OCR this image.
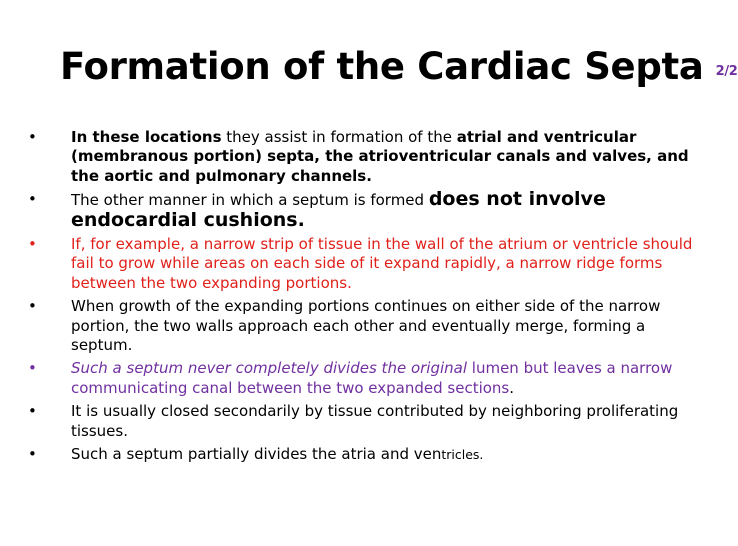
Formation of the Cardiac Septa 2/2
• In these locations they assist in formation of the atrial and ventricular (membranous portion) septa, the atrioventricular canals and valves, and the aortic and pulmonary channels.
• The other manner in which a septum is formed does not involve endocardial cushions.
• If, for example, a narrow strip of tissue in the wall of the atrium or ventricle should fail to grow while areas on each side of it expand rapidly, a narrow ridge forms between the two expanding portions.
• When growth of the expanding portions continues on either side of the narrow portion, the two walls approach each other and eventually merge, forming a septum.
• Such a septum never completely divides the original lumen but leaves a narrow communicating canal between the two expanded sections.
• It is usually closed secondarily by tissue contributed by neighboring proliferating tissues.
• Such a septum partially divides the atria and ventricles.
